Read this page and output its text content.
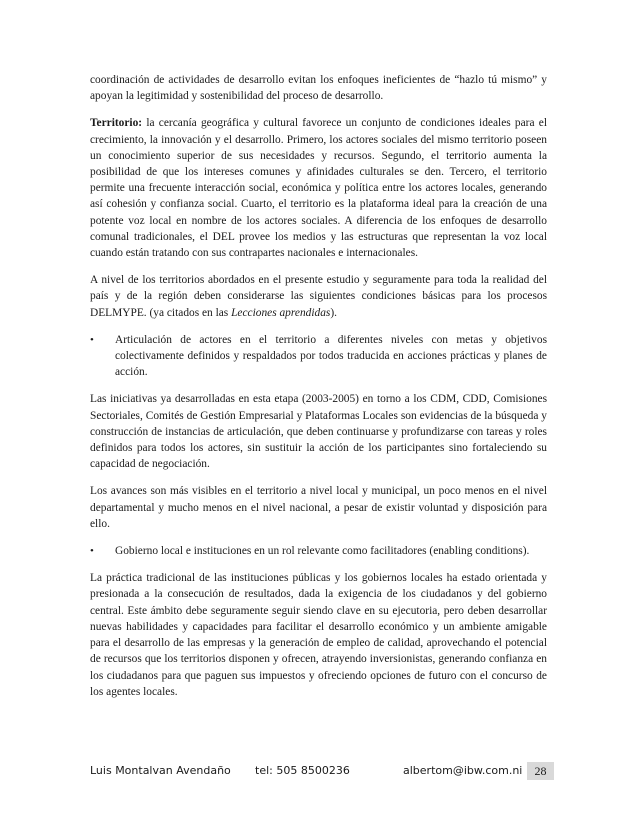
coordinación de actividades de desarrollo evitan los enfoques ineficientes de “hazlo tú mismo” y apoyan la legitimidad y sostenibilidad del proceso de desarrollo.

Territorio: la cercanía geográfica y cultural favorece un conjunto de condiciones ideales para el crecimiento, la innovación y el desarrollo. Primero, los actores sociales del mismo territorio poseen un conocimiento superior de sus necesidades y recursos. Segundo, el territorio aumenta la posibilidad de que los intereses comunes y afinidades culturales se den. Tercero, el territorio permite una frecuente interacción social, económica y política entre los actores locales, generando así cohesión y confianza social. Cuarto, el territorio es la plataforma ideal para la creación de una potente voz local en nombre de los actores sociales. A diferencia de los enfoques de desarrollo comunal tradicionales, el DEL provee los medios y las estructuras que representan la voz local cuando están tratando con sus contrapartes nacionales e internacionales.

A nivel de los territorios abordados en el presente estudio y seguramente para toda la realidad del país y de la región deben considerarse las siguientes condiciones básicas para los procesos DELMYPE. (ya citados en las Lecciones aprendidas).

•	Articulación de actores en el territorio a diferentes niveles con metas y objetivos colectivamente definidos y respaldados por todos traducida en acciones prácticas y planes de acción.

Las iniciativas ya desarrolladas en esta etapa (2003-2005) en torno a los CDM, CDD, Comisiones Sectoriales, Comités de Gestión Empresarial y Plataformas Locales son evidencias de la búsqueda y construcción de instancias de articulación, que deben continuarse y profundizarse con tareas y roles definidos para todos los actores, sin sustituir la acción de los participantes sino fortaleciendo su capacidad de negociación.

Los avances son más visibles en el territorio a nivel local y municipal, un poco menos en el nivel departamental y mucho menos en el nivel nacional, a pesar de existir voluntad y disposición para ello.

•	Gobierno local e instituciones en un rol relevante como facilitadores (enabling conditions).

La práctica tradicional de las instituciones públicas y los gobiernos locales ha estado orientada y presionada a la consecución de resultados, dada la exigencia de los ciudadanos y del gobierno central. Este ámbito debe seguramente seguir siendo clave en su ejecutoria, pero deben desarrollar nuevas habilidades y capacidades para facilitar el desarrollo económico y un ambiente amigable para el desarrollo de las empresas y la generación de empleo de calidad, aprovechando el potencial de recursos que los territorios disponen y ofrecen, atrayendo inversionistas, generando confianza en los ciudadanos para que paguen sus impuestos y ofreciendo opciones de futuro con el concurso de los agentes locales.

Luis Montalvan Avendaño tel: 505 8500236	albertom@ibw.com.ni	28
